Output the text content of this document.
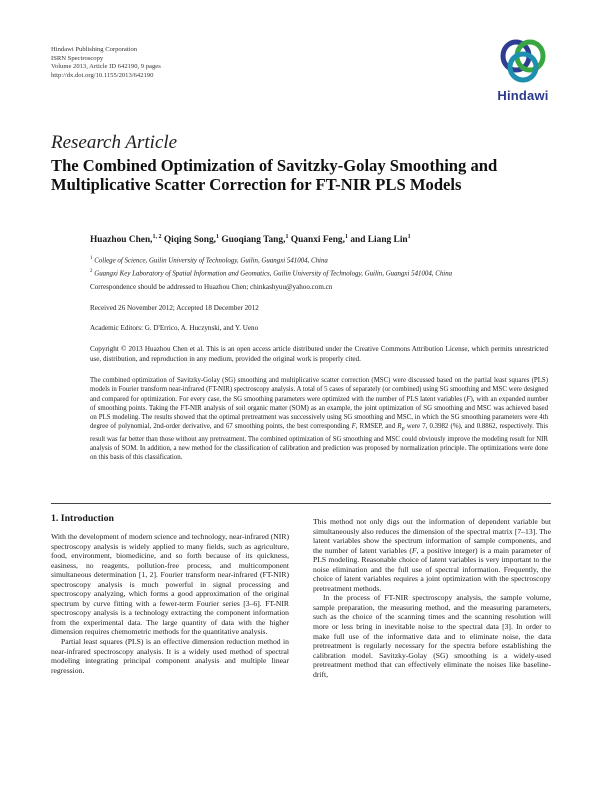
Hindawi Publishing Corporation
ISRN Spectroscopy
Volume 2013, Article ID 642190, 9 pages
http://dx.doi.org/10.1155/2013/642190
Hindawi
Research Article
The Combined Optimization of Savitzky-Golay Smoothing and Multiplicative Scatter Correction for FT-NIR PLS Models
Huazhou Chen,$^{1, 2}$ Qiqing Song,$^1$ Guoqiang Tang,$^1$ Quanxi Feng,$^1$ and Liang Lin$^1$
$^1$ College of Science, Guilin University of Technology, Guilin, Guangxi 541004, China
$^2$ Guangxi Key Laboratory of Spatial Information and Geomatics, Guilin University of Technology, Guilin, Guangxi 541004, China
Correspondence should be addressed to Huazhou Chen; chinkashyuu@yahoo.com.cn
Received 26 November 2012; Accepted 18 December 2012
Academic Editors: G. D'Errico, A. Huczynski, and Y. Ueno
Copyright © 2013 Huazhou Chen et al. This is an open access article distributed under the Creative Commons Attribution License, which permits unrestricted use, distribution, and reproduction in any medium, provided the original work is properly cited.
The combined optimization of Savitzky-Golay (SG) smoothing and multiplicative scatter correction (MSC) were discussed based on the partial least squares (PLS) models in Fourier transform near-infrared (FT-NIR) spectroscopy analysis. A total of 5 cases of separately (or combined) using SG smoothing and MSC were designed and compared for optimization. For every case, the SG smoothing parameters were optimized with the number of PLS latent variables (F), with an expanded number of smoothing points. Taking the FT-NIR analysis of soil organic matter (SOM) as an example, the joint optimization of SG smoothing and MSC was achieved based on PLS modeling. The results showed that the optimal pretreatment was successively using SG smoothing and MSC, in which the SG smoothing parameters were 4th degree of polynomial, 2nd-order derivative, and 67 smoothing points, the best corresponding F, RMSEP, and $R_P$ were 7, 0.3982 (%), and 0.8862, respectively. This result was far better than those without any pretreatment. The combined optimization of SG smoothing and MSC could obviously improve the modeling result for NIR analysis of SOM. In addition, a new method for the classification of calibration and prediction was proposed by normalization principle. The optimizations were done on this basis of this classification.
1. Introduction

With the development of modern science and technology, near-infrared (NIR) spectroscopy analysis is widely applied to many fields, such as agriculture, food, environment, biomedicine, and so forth because of its quickness, easiness, no reagents, pollution-free process, and multicomponent simultaneous determination [1, 2]. Fourier transform near-infrared (FT-NIR) spectroscopy analysis is much powerful in signal processing and spectroscopy analyzing, which forms a good approximation of the original spectrum by curve fitting with a fewer-term Fourier series [3–6]. FT-NIR spectroscopy analysis is a technology extracting the component information from the experimental data. The large quantity of data with the higher dimension requires chemometric methods for the quantitative analysis.

Partial least squares (PLS) is an effective dimension reduction method in near-infrared spectroscopy analysis. It is a widely used method of spectral modeling integrating principal component analysis and multiple linear regression.

This method not only digs out the information of dependent variable but simultaneously also reduces the dimension of the spectral matrix [7–13]. The latent variables show the spectrum information of sample components, and the number of latent variables (F, a positive integer) is a main parameter of PLS modeling. Reasonable choice of latent variables is very important to the noise elimination and the full use of spectral information. Frequently, the choice of latent variables requires a joint optimization with the spectroscopy pretreatment methods.

In the process of FT-NIR spectroscopy analysis, the sample volume, sample preparation, the measuring method, and the measuring parameters, such as the choice of the scanning times and the scanning resolution will more or less bring in inevitable noise to the spectral data [3]. In order to make full use of the informative data and to eliminate noise, the data pretreatment is regularly necessary for the spectra before establishing the calibration model. Savitzky-Golay (SG) smoothing is a widely-used pretreatment method that can effectively eliminate the noises like baseline-drift,
